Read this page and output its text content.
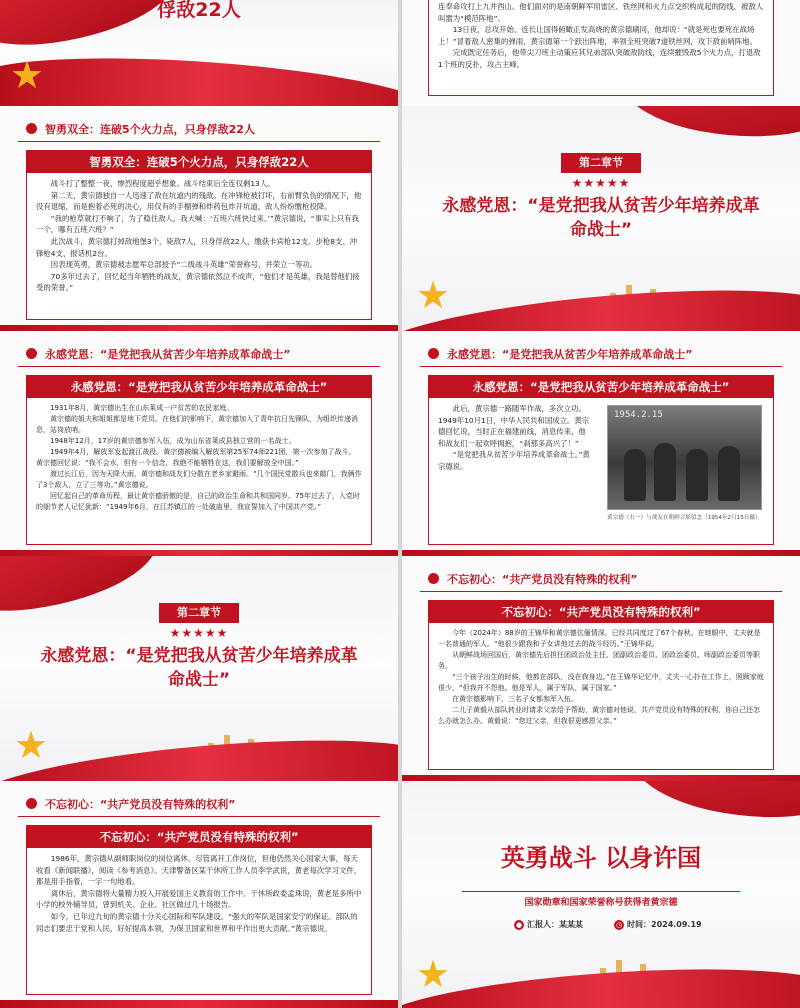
俘敌22人
★

连奉命攻打上九井西山。他们面对的是南朝鲜军用雷区、铁丝网和火力点交织构成起的防线，被敌人叫嚣为“模范阵地”。

13日夜，总攻开始。连长让国得俯瞰正发高烧的黄宗德刷同，他却说：“就是死也要死在战场上！”冒着敌人密集的弹雨，黄宗德第一个跃出阵地，率领全班突破7道铁丝网，攻下敌前哨阵地。

完成既定任务后，他带尖刀班主动策应其兄弟部队突破敌防线，连续摧毁敌5个火力点，打退敌1个班的反扑，攻占主峰。

智勇双全：连破5个火力点，只身俘敌22人
智勇双全：连破5个火力点，只身俘敌22人

战斗打了整整一夜，惨烈程度超乎想象。战斗结束后全连仅剩13人。

第二天，黄宗德独自一人迅速了敌在坑道内的残敌。在冲锋枪被打坏，右前臂负伤的情况下，他没有退缩，而是抱着必死的决心，用仅有的手榴弹和炸药包炸开坑道，敌人纷纷缴枪投降。

“我的枪草就打不响了，为了稳住敌人，我大喊：‘五班六班快过来。’”黄宗德说，“事实上只有我一个，哪有五班六班？”

此次战斗，黄宗德打掉敌地堡3个，毙敌7人，只身俘敌22人，缴获卡宾枪12支、步枪8支、冲锋枪4支、报话机2台。

因表现英勇，黄宗德被志愿军总部授予“二级战斗英雄”荣誉称号，并荣立一等功。

70多年过去了，回忆起当年牺牲的战友，黄宗德依然泣不成声，“他们才是英雄，我是替他们接受的荣誉。”

第二章节
★★★★★
永感党恩：“是党把我从贫苦少年培养成革命战士”
★
永感党恩：“是党把我从贫苦少年培养成革命战士”
永感党恩：“是党把我从贫苦少年培养成革命战士”

1931年8月，黄宗德出生在山东莱成一户贫苦的农民家庭。

黄宗德的姐夫和姐姐都是地下党员。在他们的影响下，黄宗德加入了青年抗日先锋队，为组织传递消息，站岗放哨。

1948年12月，17岁的黄宗德参军入伍，成为山东省莱成县独立营的一名战士。

1949年4月，解放军发起渡江战役。黄宗德被编入解放军第25军74师221团，第一次参加了战斗。黄宗德回忆说：“我不会水，但有一个信念，我绝不能牺牲在这，我们要解放全中国。”

渡过长江后，因为天降大雨，黄宗德和战友们分散在老乡家避雨。“几个国民党散兵也来敲门，我俩作了3个敌人，立了三等功。”黄宗德说。

回忆起自己的革命历程，最让黄宗德骄傲的是，自己的政治生命和共和国同岁。75年过去了，入党时的细节老人记忆犹新：“1949年6月，在江苏镇江的一处破庙里，我宣誓加入了中国共产党。”

永感党恩：“是党把我从贫苦少年培养成革命战士”
永感党恩：“是党把我从贫苦少年培养成革命战士”

此后，黄宗德一路随军作战，多次立功。1949年10月1日，中华人民共和国成立。黄宗德回忆说，当时正在福建前线，消息传来，他和战友们一起欢呼拥抱，“刹那多高兴了！”

“是党把我从贫苦少年培养成革命战士。”黄宗德说。

1954.2.15
黄宗德（右一）与战友在朝鲜合影留念（1954年2月15日摄）
第二章节
★★★★★
永感党恩：“是党把我从贫苦少年培养成革命战士”
★
不忘初心：“共产党员没有特殊的权利”
不忘初心：“共产党员没有特殊的权利”

今年（2024年）88岁的王锦华和黄宗德伉俪情深，已经共同度过了67个春秋。在她眼中，丈夫就是一名普通的军人。“他很少跟我和子女讲他过去的战斗经历。”王锦华说。

从朝鲜战场回国后，黄宗德先后担任团政治处主任、团副政治委员、团政治委员、师副政治委员等职务。

“三个孩子出生的时候，他都在部队，没在我身边。”在王锦华记忆中，丈夫一心扑在工作上，照顾家庭很少，“但我并不怨他。他是军人，属于军队，属于国家。”

在黄宗德影响下，三名子女都参军入伍。

二儿子黄毅从部队转业时请求父亲给予帮助，黄宗德对他说，共产党员没有特殊的权利，你自己还怎么办就怎么办。黄毅说：“您过父亲，但我很更感恩父亲。”

不忘初心：“共产党员没有特殊的权利”
不忘初心：“共产党员没有特殊的权利”

1986年，黄宗德从副师职岗位的岗位离休。尽管离开工作岗位，但他仍然关心国家大事，每天收看《新闻联播》，阅读《参考消息》。天津警备区某干休所工作人员李学武说，黄老每次学习文件，都是用手指着，一字一句地看。

离休后，黄宗德将大量精力投入开展爱国主义教育的工作中。干休所政委孟珠说，黄老是多所中小学的校外辅导员，曾到机关、企业、社区做过几十场报告。

如今，已年过九旬的黄宗德十分关心国际和军队建设。“强大的军队是国家安宁的保证。部队的同志们要忠于党和人民，好好提高本领，为保卫国家和世界和平作出更大贡献。”黄宗德说。

英勇战斗 以身许国
国家勋章和国家荣誉称号获得者黄宗德
● 汇报人：某某某	◷ 时间：2024.09.19
★
